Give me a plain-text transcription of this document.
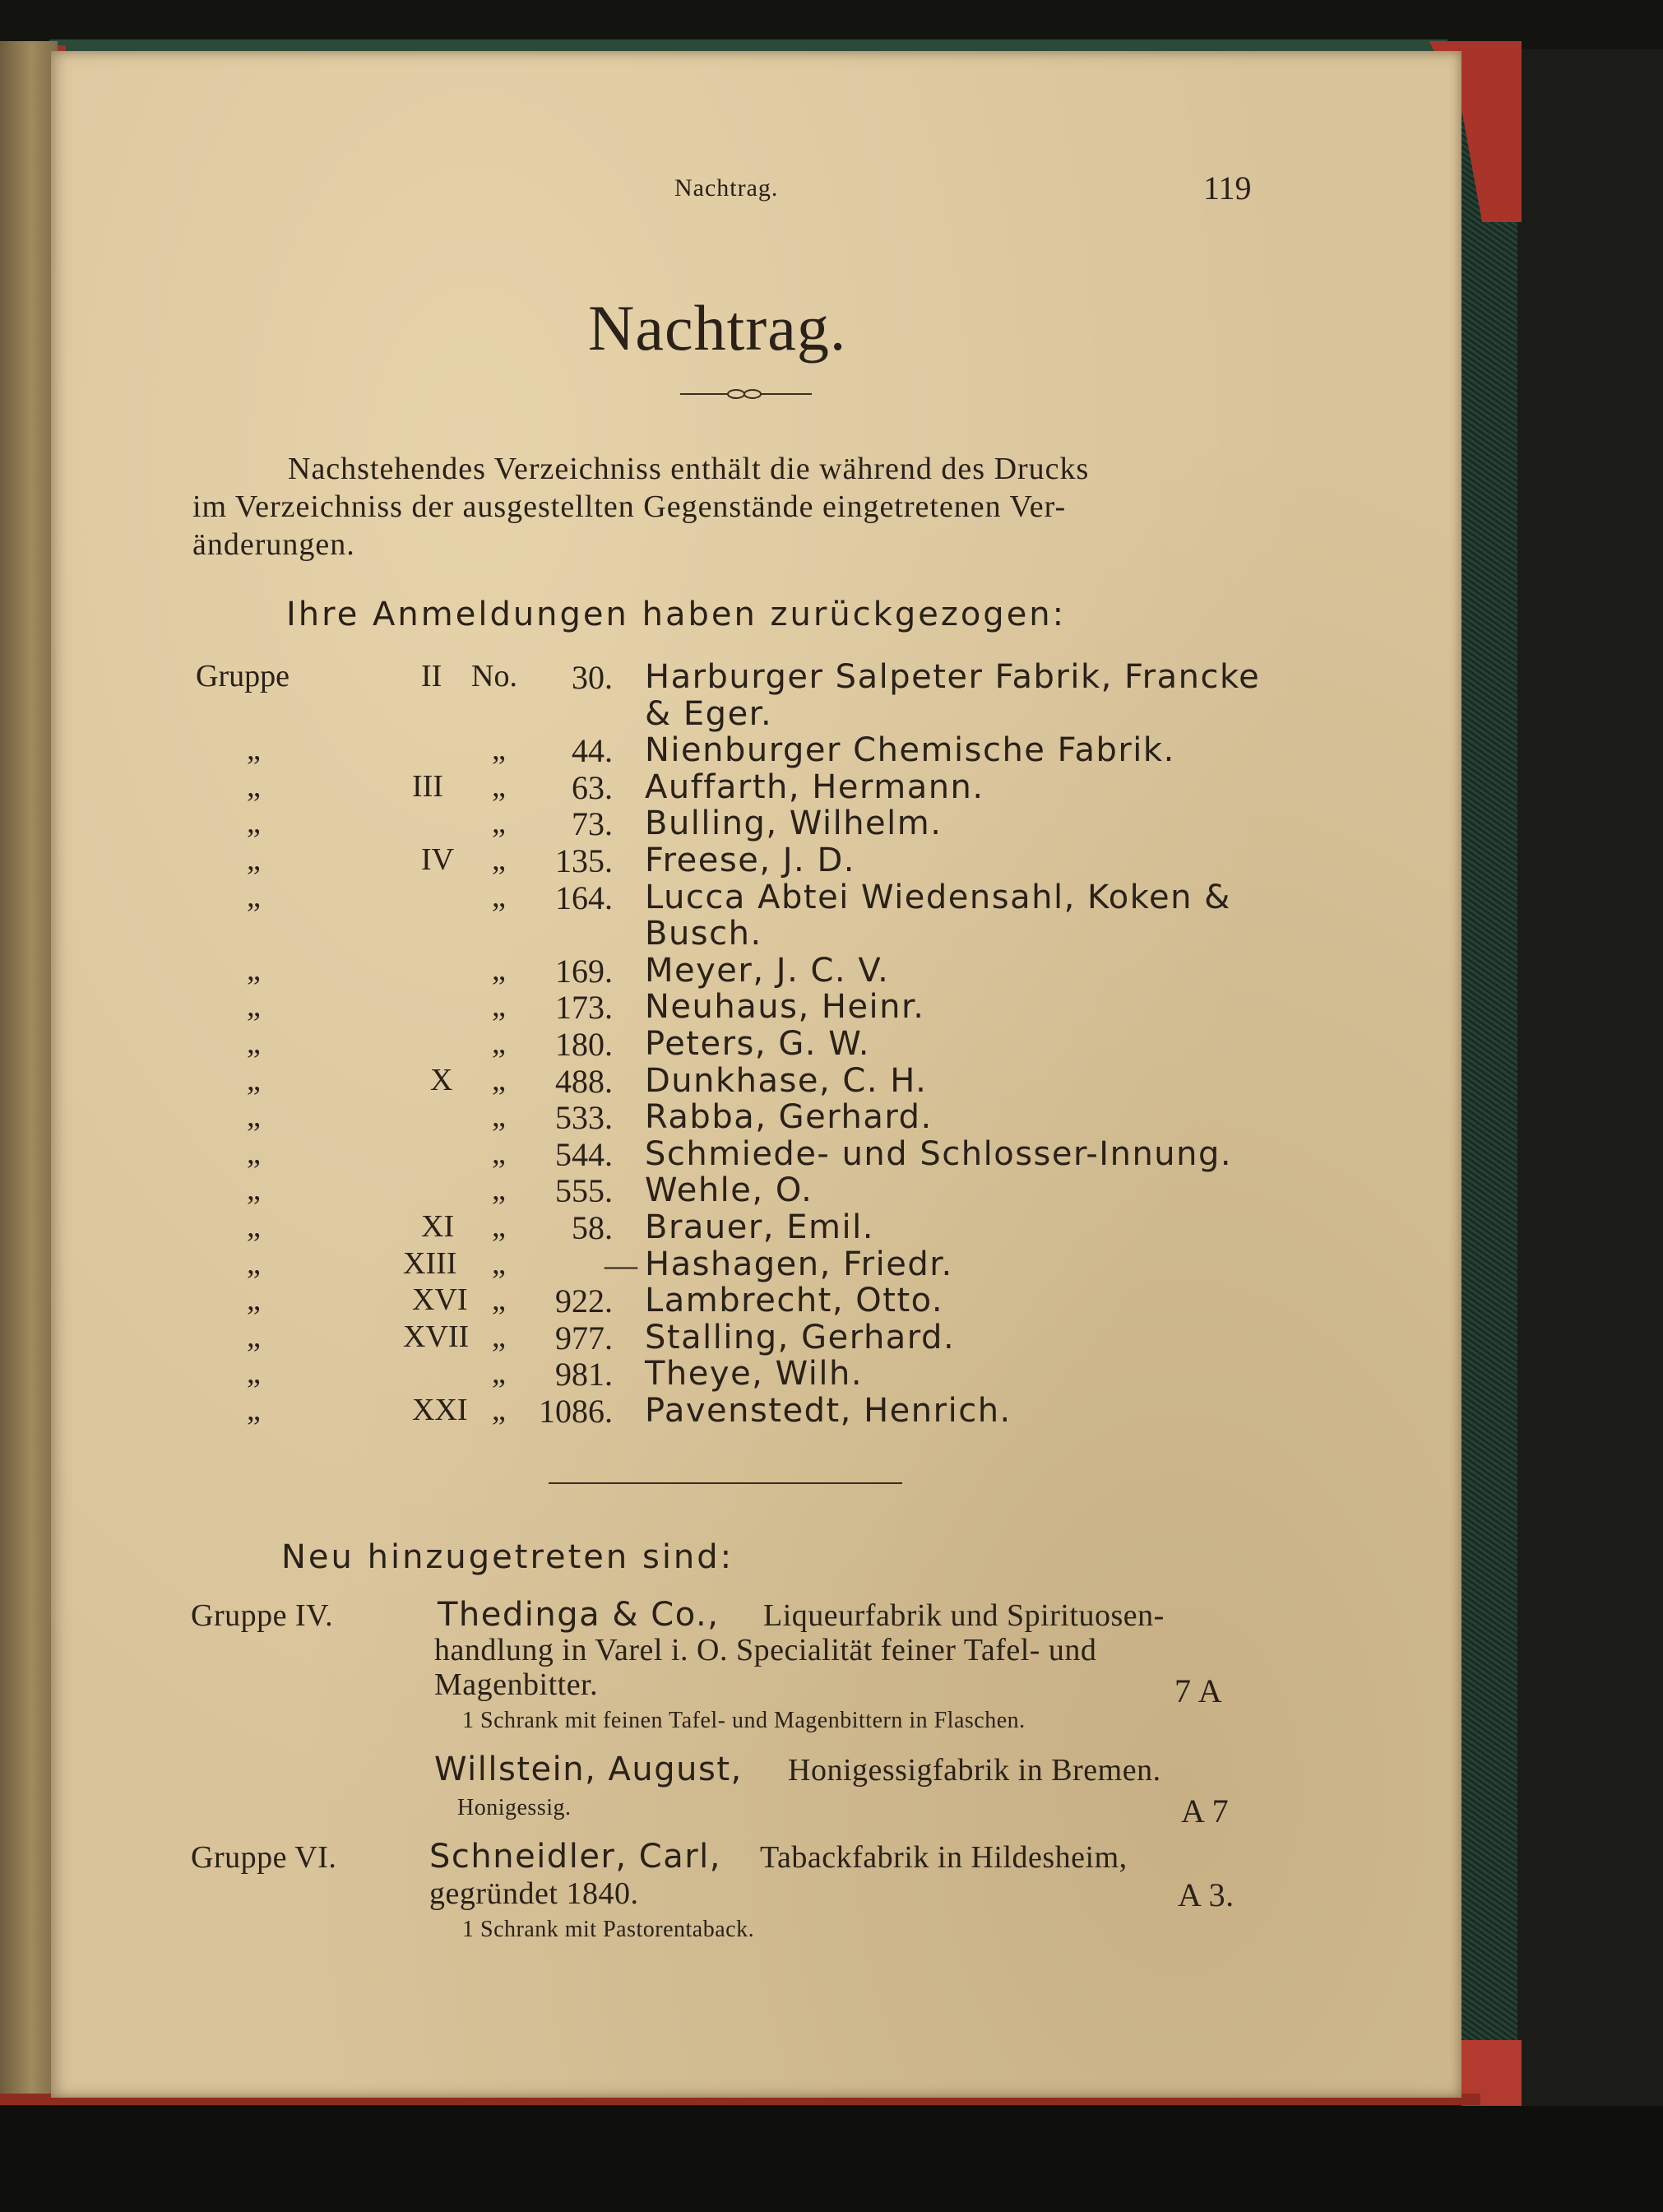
Nachtrag.	119
Nachtrag.
Nachstehendes Verzeichniss enthält die während des Drucks
im Verzeichniss der ausgestellten Gegenstände eingetretenen Ver-
änderungen.
Ihre Anmeldungen haben zurückgezogen:
Gruppe	II No. 30. Harburger Salpeter Fabrik, Francke
& Eger.
„	„ 44. Nienburger Chemische Fabrik.
„	III „ 63. Auffarth, Hermann.
„	„ 73. Bulling, Wilhelm.
„	IV „ 135. Freese, J. D.
„	„ 164. Lucca Abtei Wiedensahl, Koken &
Busch.
„	„ 169. Meyer, J. C. V.
„	„ 173. Neuhaus, Heinr.
„	„ 180. Peters, G. W.
„	X „ 488. Dunkhase, C. H.
„	„ 533. Rabba, Gerhard.
„	„ 544. Schmiede- und Schlosser-Innung.
„	„ 555. Wehle, O.
„	XI „ 58. Brauer, Emil.
„	XIII „	— Hashagen, Friedr.
„	XVI „ 922. Lambrecht, Otto.
„	XVII „ 977. Stalling, Gerhard.
„	„ 981. Theye, Wilh.
„	XXI „ 1086. Pavenstedt, Henrich.
Neu hinzugetreten sind:
Gruppe IV.	Thedinga & Co., Liqueurfabrik und Spirituosen-
handlung in Varel i. O. Specialität feiner Tafel- und
Magenbitter.	7 A
1 Schrank mit feinen Tafel- und Magenbittern in Flaschen.
Willstein, August, Honigessigfabrik in Bremen.
Honigessig.	A 7
Gruppe VI.	Schneidler, Carl, Tabackfabrik in Hildesheim,
gegründet 1840.	A 3.
1 Schrank mit Pastorentaback.
